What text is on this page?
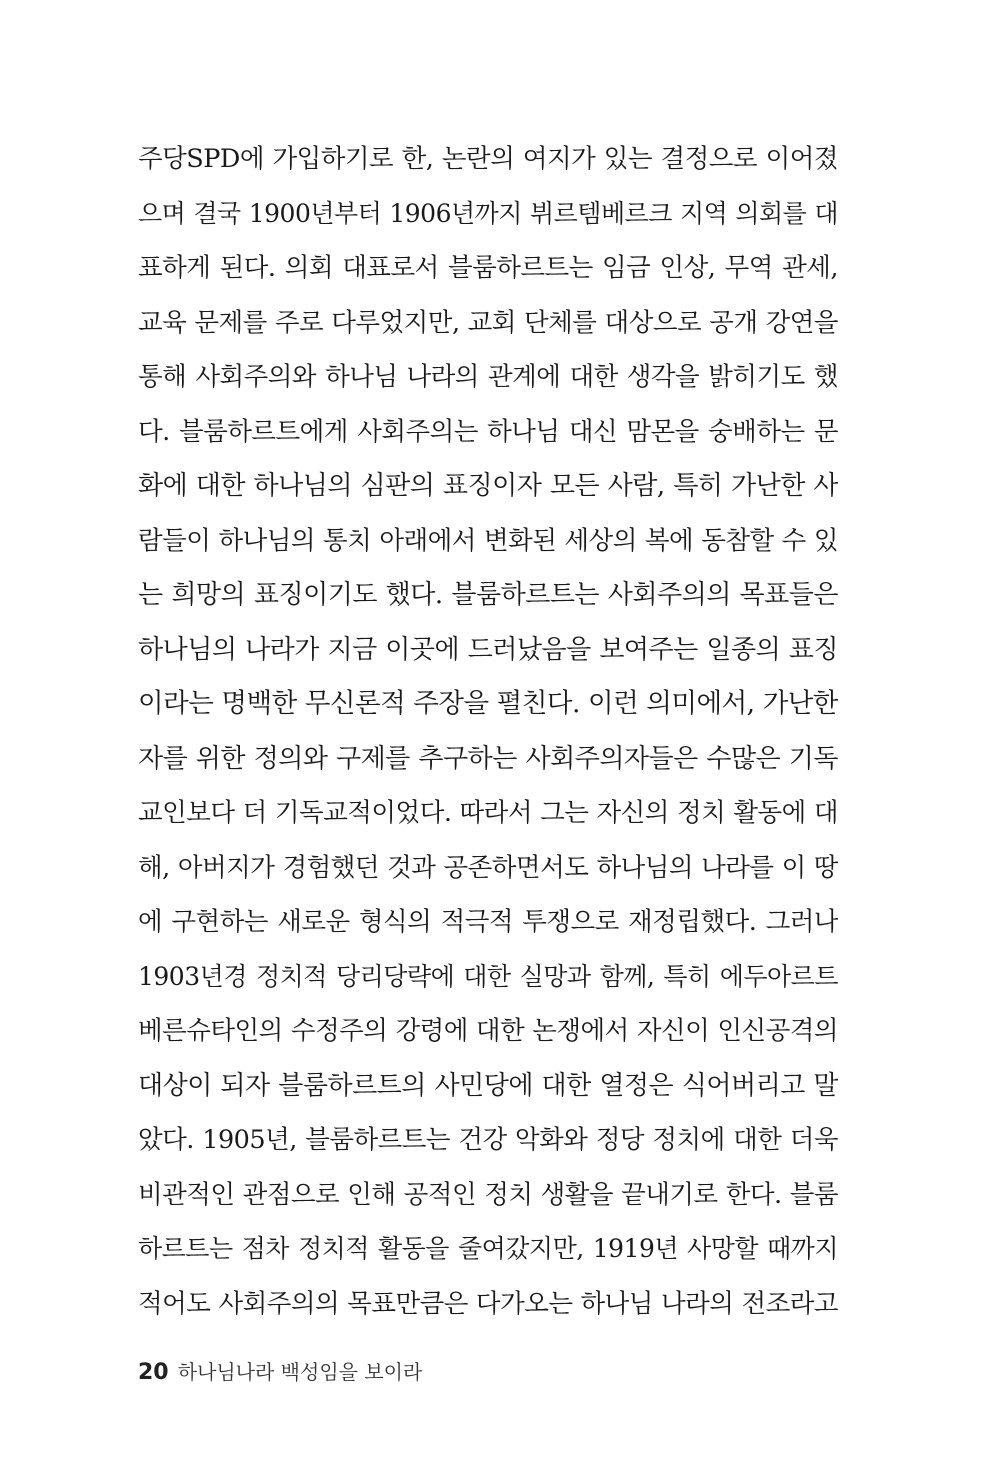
주당SPD에 가입하기로 한, 논란의 여지가 있는 결정으로 이어졌
으며 결국 1900년부터 1906년까지 뷔르템베르크 지역 의회를 대
표하게 된다. 의회 대표로서 블룸하르트는 임금 인상, 무역 관세,
교육 문제를 주로 다루었지만, 교회 단체를 대상으로 공개 강연을
통해 사회주의와 하나님 나라의 관계에 대한 생각을 밝히기도 했
다. 블룸하르트에게 사회주의는 하나님 대신 맘몬을 숭배하는 문
화에 대한 하나님의 심판의 표징이자 모든 사람, 특히 가난한 사
람들이 하나님의 통치 아래에서 변화된 세상의 복에 동참할 수 있
는 희망의 표징이기도 했다. 블룸하르트는 사회주의의 목표들은
하나님의 나라가 지금 이곳에 드러났음을 보여주는 일종의 표징
이라는 명백한 무신론적 주장을 펼친다. 이런 의미에서, 가난한
자를 위한 정의와 구제를 추구하는 사회주의자들은 수많은 기독
교인보다 더 기독교적이었다. 따라서 그는 자신의 정치 활동에 대
해, 아버지가 경험했던 것과 공존하면서도 하나님의 나라를 이 땅
에 구현하는 새로운 형식의 적극적 투쟁으로 재정립했다. 그러나
1903년경 정치적 당리당략에 대한 실망과 함께, 특히 에두아르트
베른슈타인의 수정주의 강령에 대한 논쟁에서 자신이 인신공격의
대상이 되자 블룸하르트의 사민당에 대한 열정은 식어버리고 말
았다. 1905년, 블룸하르트는 건강 악화와 정당 정치에 대한 더욱
비관적인 관점으로 인해 공적인 정치 생활을 끝내기로 한다. 블룸
하르트는 점차 정치적 활동을 줄여갔지만, 1919년 사망할 때까지
적어도 사회주의의 목표만큼은 다가오는 하나님 나라의 전조라고
20 하나님나라 백성임을 보이라
